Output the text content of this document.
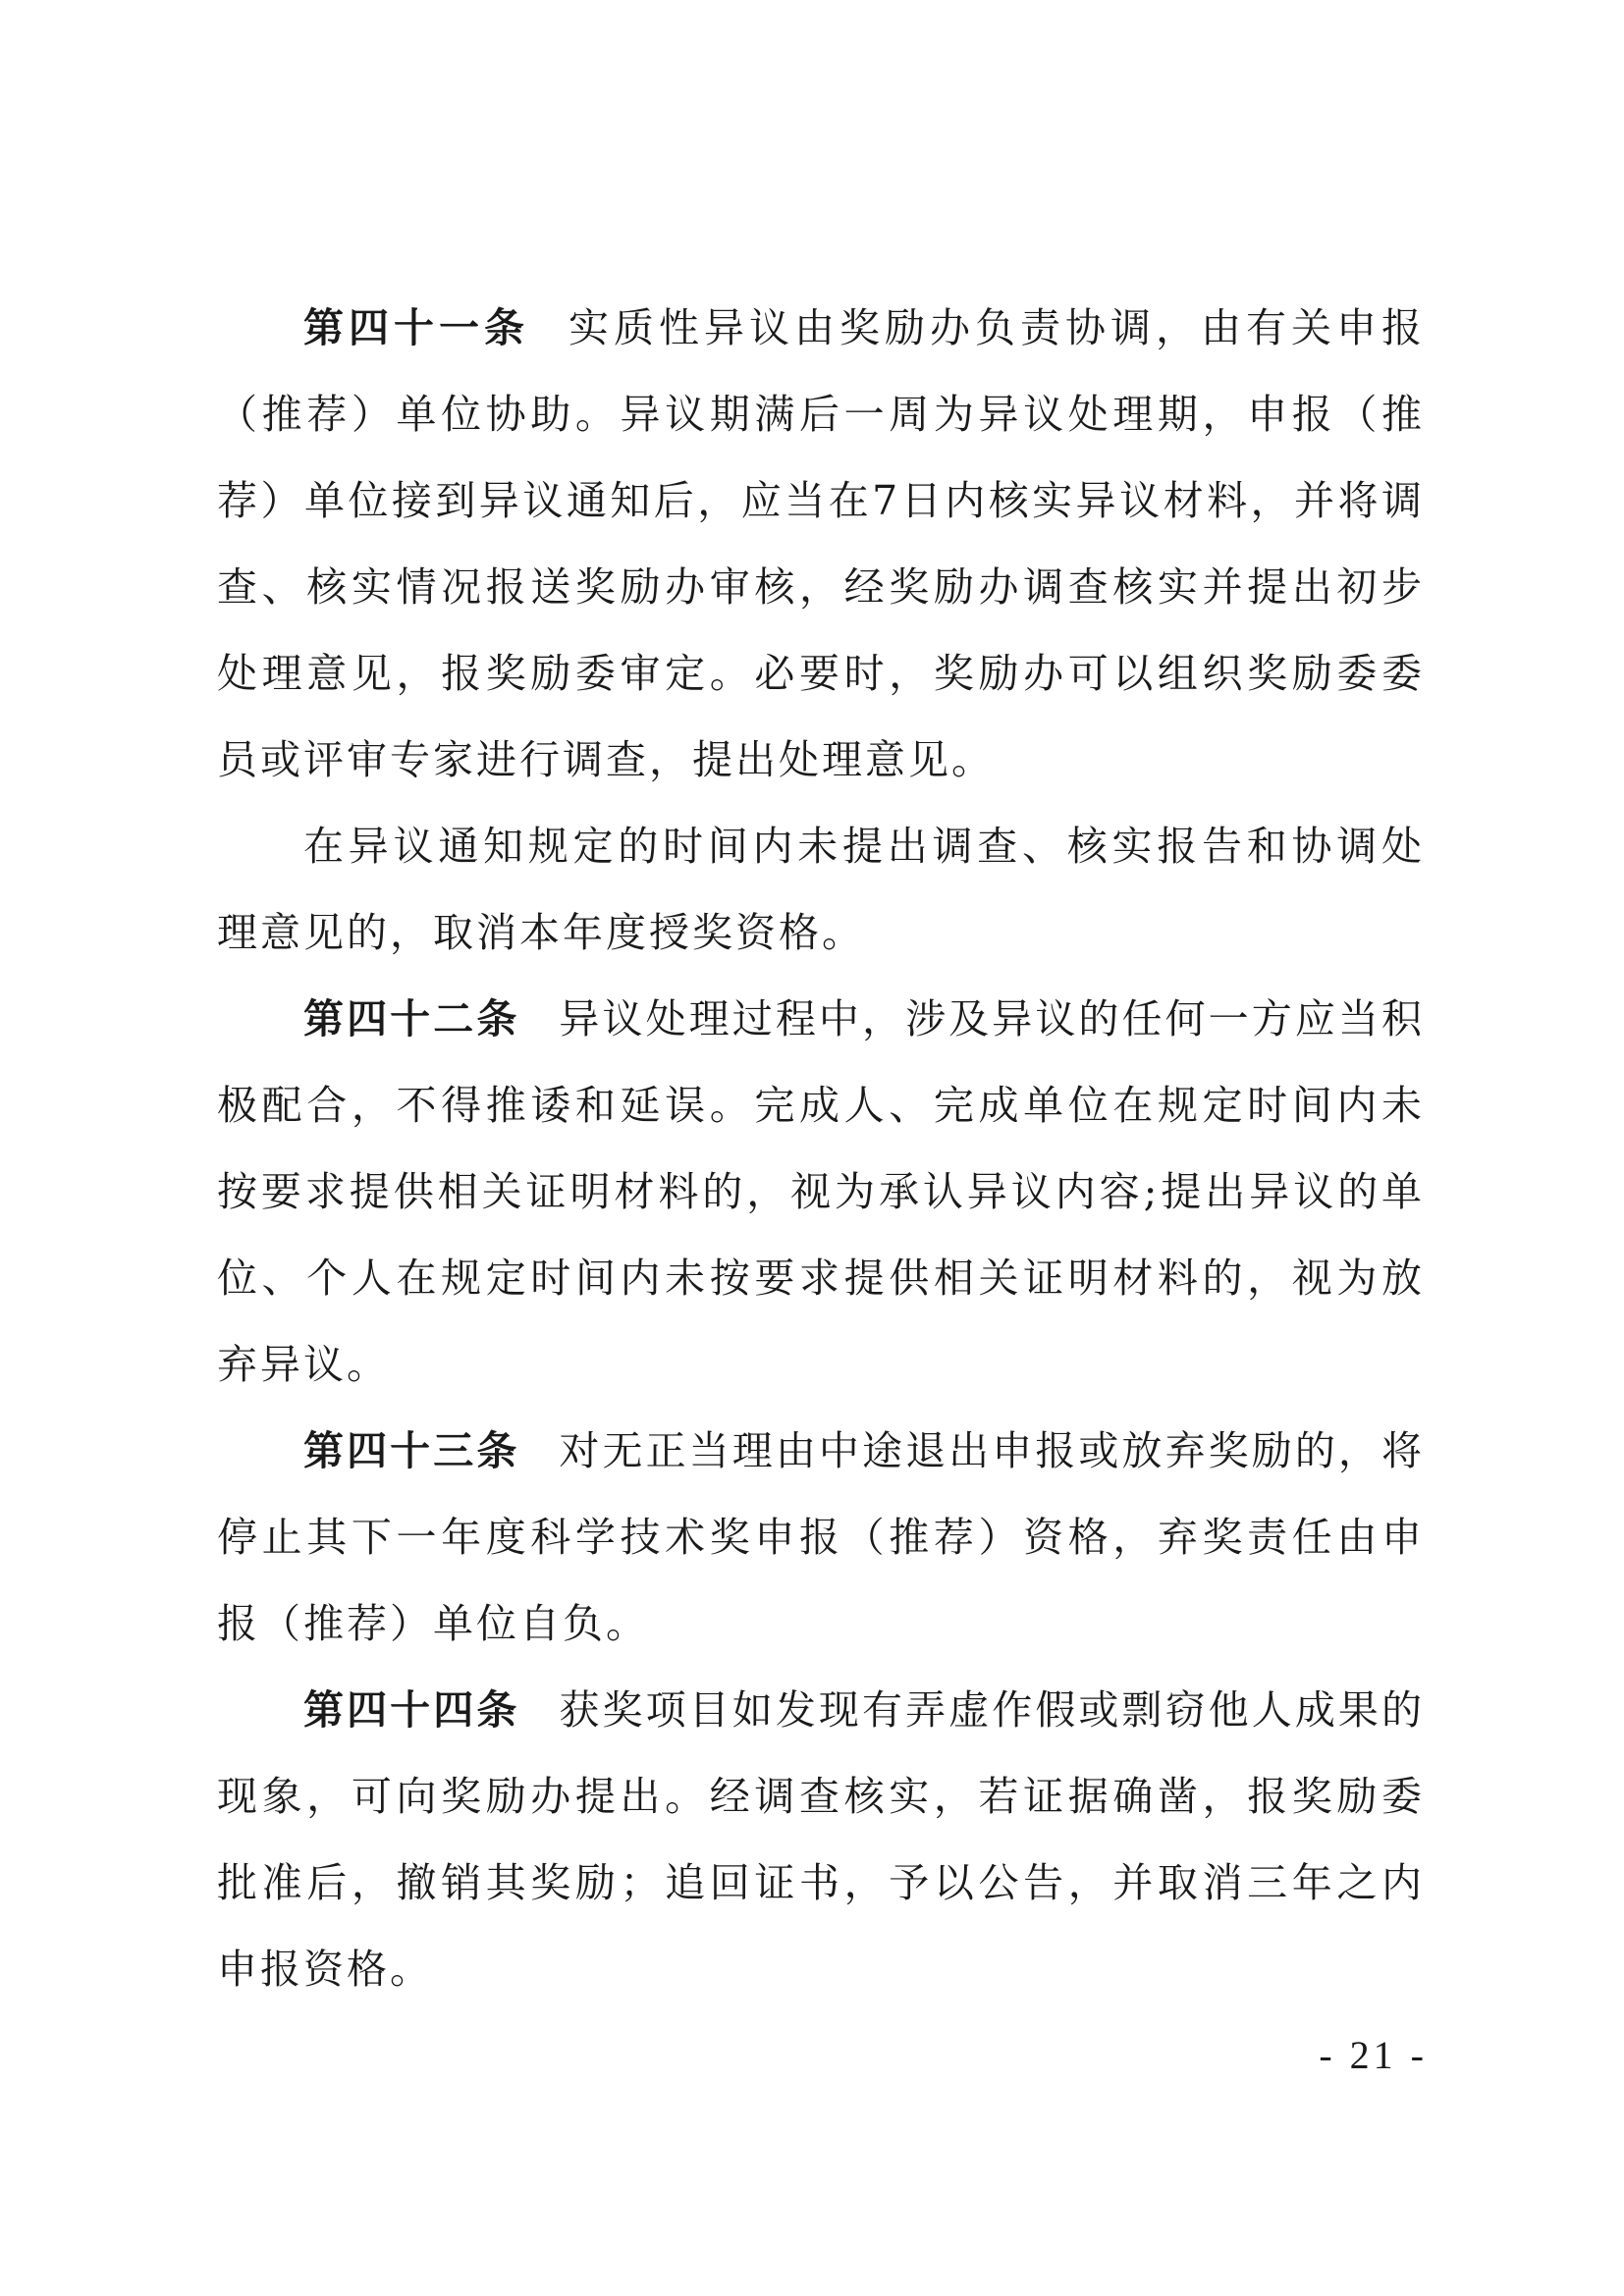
第四十一条 实质性异议由奖励办负责协调，由有关申报（推荐）单位协助。异议期满后一周为异议处理期，申报（推荐）单位接到异议通知后，应当在7日内核实异议材料，并将调查、核实情况报送奖励办审核，经奖励办调查核实并提出初步处理意见，报奖励委审定。必要时，奖励办可以组织奖励委委员或评审专家进行调查，提出处理意见。

在异议通知规定的时间内未提出调查、核实报告和协调处理意见的，取消本年度授奖资格。

第四十二条 异议处理过程中，涉及异议的任何一方应当积极配合，不得推诿和延误。完成人、完成单位在规定时间内未按要求提供相关证明材料的，视为承认异议内容;提出异议的单位、个人在规定时间内未按要求提供相关证明材料的，视为放弃异议。

第四十三条 对无正当理由中途退出申报或放弃奖励的，将停止其下一年度科学技术奖申报（推荐）资格，弃奖责任由申报（推荐）单位自负。

第四十四条 获奖项目如发现有弄虚作假或剽窃他人成果的现象，可向奖励办提出。经调查核实，若证据确凿，报奖励委批准后，撤销其奖励；追回证书，予以公告，并取消三年之内申报资格。

- 21 -
